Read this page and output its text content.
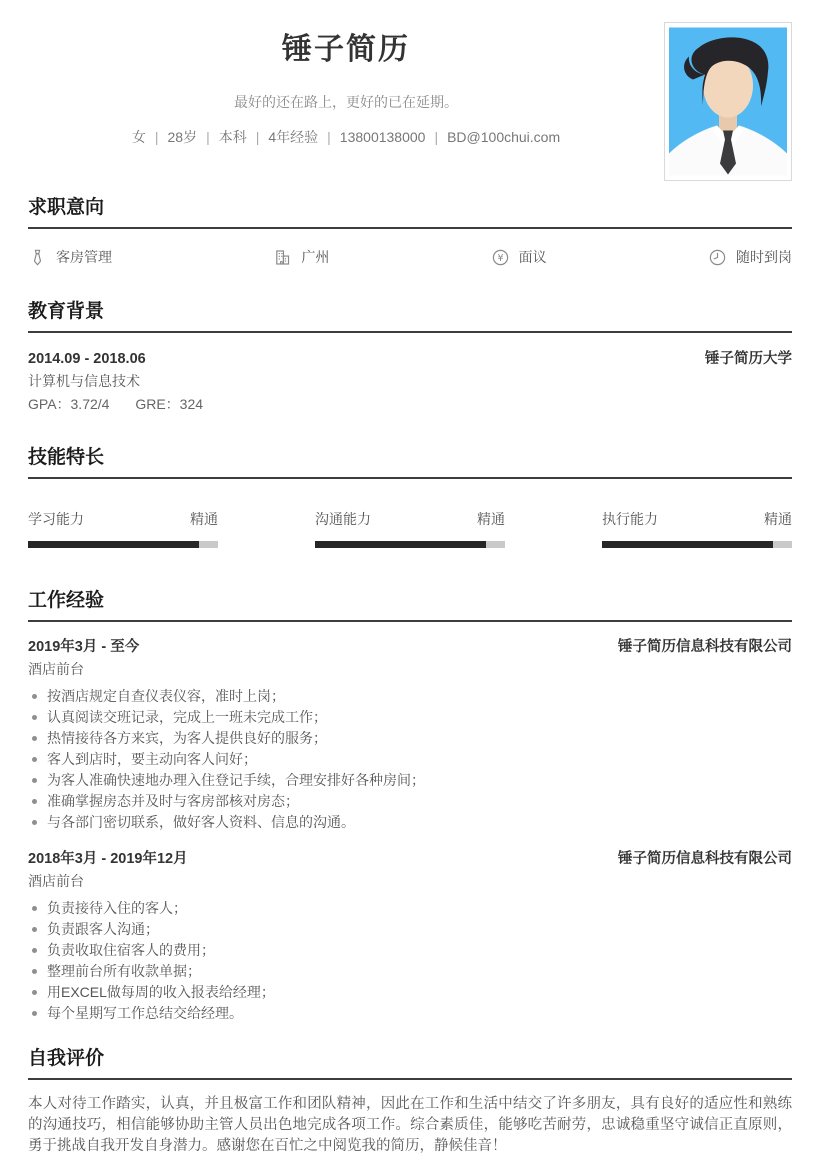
锤子简历
最好的还在路上，更好的已在延期。
女 | 28岁 | 本科 | 4年经验 | 13800138000 | BD@100chui.com
求职意向
客房管理	广州	¥ 面议	随时到岗
教育背景
2014.09 - 2018.06	锤子简历大学
计算机与信息技术
GPA：3.72/4 GRE：324
技能特长
学习能力	精通	沟通能力	精通	执行能力	精通
工作经验
2019年3月 - 至今	锤子简历信息科技有限公司
酒店前台
按酒店规定自查仪表仪容，准时上岗；
认真阅读交班记录，完成上一班未完成工作；
热情接待各方来宾，为客人提供良好的服务；
客人到店时，要主动向客人问好；
为客人准确快速地办理入住登记手续，合理安排好各种房间；
准确掌握房态并及时与客房部核对房态；
与各部门密切联系，做好客人资料、信息的沟通。
2018年3月 - 2019年12月	锤子简历信息科技有限公司
酒店前台
负责接待入住的客人；
负责跟客人沟通；
负责收取住宿客人的费用；
整理前台所有收款单据；
用EXCEL做每周的收入报表给经理；
每个星期写工作总结交给经理。
自我评价

本人对待工作踏实，认真，并且极富工作和团队精神，因此在工作和生活中结交了许多朋友，具有良好的适应性和熟练的沟通技巧，相信能够协助主管人员出色地完成各项工作。综合素质佳，能够吃苦耐劳，忠诚稳重坚守诚信正直原则，勇于挑战自我开发自身潜力。感谢您在百忙之中阅览我的简历，静候佳音！
